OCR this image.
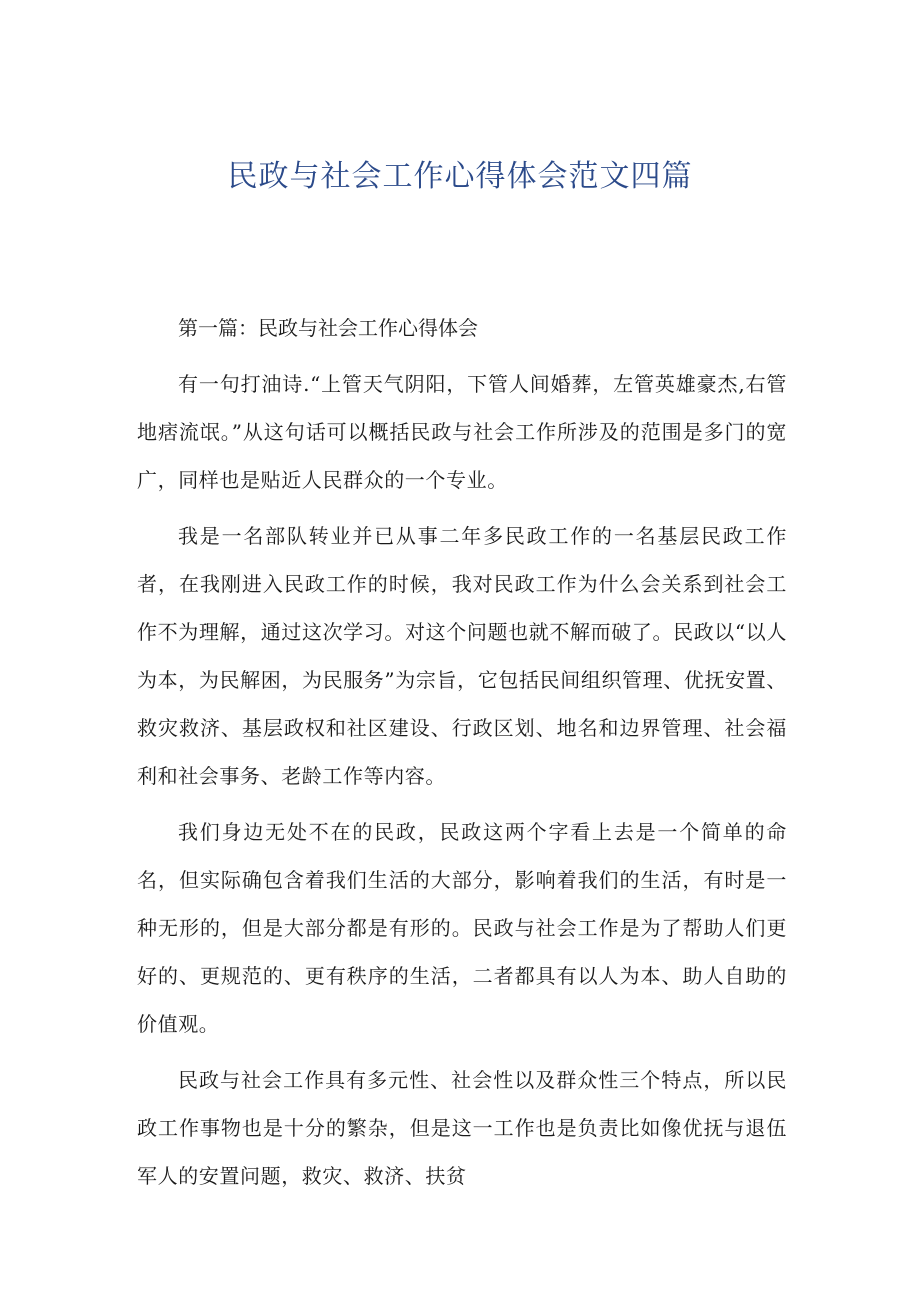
民政与社会工作心得体会范文四篇

第一篇：民政与社会工作心得体会

有一句打油诗.“上管天气阴阳，下管人间婚葬，左管英雄豪杰,右管地痞流氓。”从这句话可以概括民政与社会工作所涉及的范围是多门的宽广，同样也是贴近人民群众的一个专业。

我是一名部队转业并已从事二年多民政工作的一名基层民政工作者，在我刚进入民政工作的时候，我对民政工作为什么会关系到社会工作不为理解，通过这次学习。对这个问题也就不解而破了。民政以“以人为本，为民解困，为民服务”为宗旨，它包括民间组织管理、优抚安置、救灾救济、基层政权和社区建设、行政区划、地名和边界管理、社会福利和社会事务、老龄工作等内容。

我们身边无处不在的民政，民政这两个字看上去是一个简单的命名，但实际确包含着我们生活的大部分，影响着我们的生活，有时是一种无形的，但是大部分都是有形的。民政与社会工作是为了帮助人们更好的、更规范的、更有秩序的生活，二者都具有以人为本、助人自助的价值观。

民政与社会工作具有多元性、社会性以及群众性三个特点，所以民政工作事物也是十分的繁杂，但是这一工作也是负责比如像优抚与退伍军人的安置问题，救灾、救济、扶贫
